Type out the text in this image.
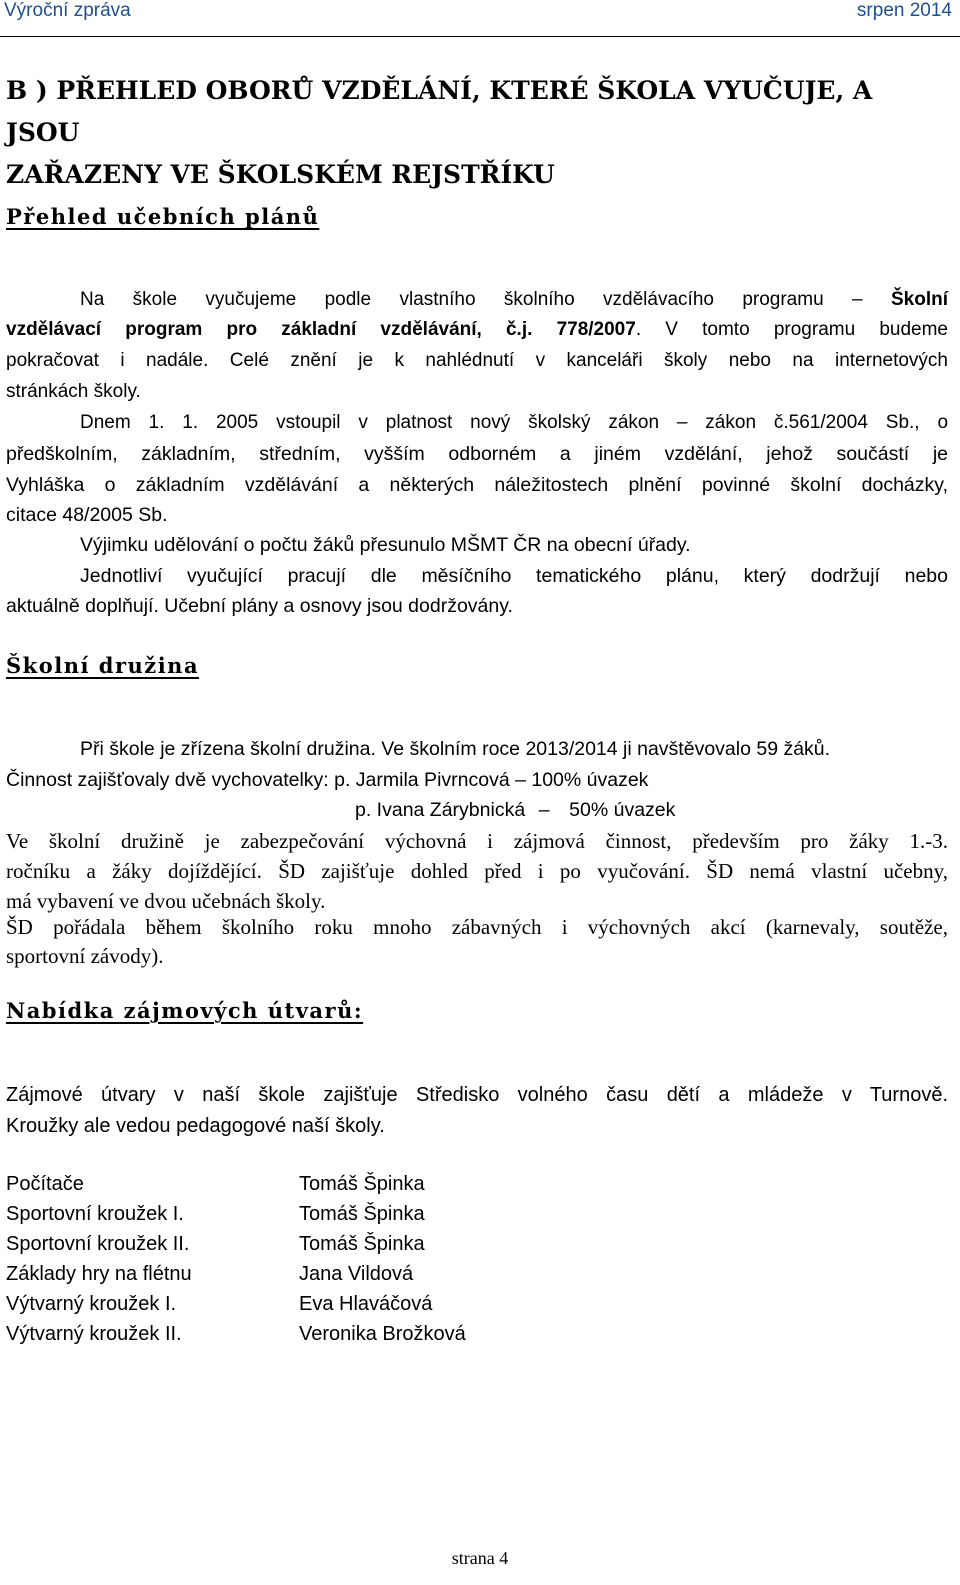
Výroční zpráva	srpen 2014
B ) PŘEHLED OBORŮ VZDĚLÁNÍ, KTERÉ ŠKOLA VYUČUJE, A JSOU
ZAŘAZENY VE ŠKOLSKÉM REJSTŘÍKU
Přehled učebních plánů
Na škole vyučujeme podle vlastního školního vzdělávacího programu – Školní
vzdělávací program pro základní vzdělávání, č.j. 778/2007. V tomto programu budeme
pokračovat i nadále. Celé znění je k nahlédnutí v kanceláři školy nebo na internetových
stránkách školy.
Dnem 1. 1. 2005 vstoupil v platnost nový školský zákon – zákon č.561/2004 Sb., o
předškolním, základním, středním, vyšším odborném a jiném vzdělání, jehož součástí je
Vyhláška o základním vzdělávání a některých náležitostech plnění povinné školní docházky,
citace 48/2005 Sb.
Výjimku udělování o počtu žáků přesunulo MŠMT ČR na obecní úřady.
Jednotliví vyučující pracují dle měsíčního tematického plánu, který dodržují nebo
aktuálně doplňují. Učební plány a osnovy jsou dodržovány.
Školní družina
Při škole je zřízena školní družina. Ve školním roce 2013/2014 ji navštěvovalo 59 žáků.
Činnost zajišťovaly dvě vychovatelky: p. Jarmila Pivrncová – 100% úvazek
p. Ivana Zárybnická – 50% úvazek
Ve školní družině je zabezpečování výchovná i zájmová činnost, především pro žáky 1.-3.
ročníku a žáky dojíždějící. ŠD zajišťuje dohled před i po vyučování. ŠD nemá vlastní učebny,
má vybavení ve dvou učebnách školy.
ŠD pořádala během školního roku mnoho zábavných i výchovných akcí (karnevaly, soutěže,
sportovní závody).
Nabídka zájmových útvarů:
Zájmové útvary v naší škole zajišťuje Středisko volného času dětí a mládeže v Turnově.
Kroužky ale vedou pedagogové naší školy.
Počítače	Tomáš Špinka
Sportovní kroužek I.	Tomáš Špinka
Sportovní kroužek II.	Tomáš Špinka
Základy hry na flétnu	Jana Vildová
Výtvarný kroužek I.	Eva Hlaváčová
Výtvarný kroužek II.	Veronika Brožková
strana 4
